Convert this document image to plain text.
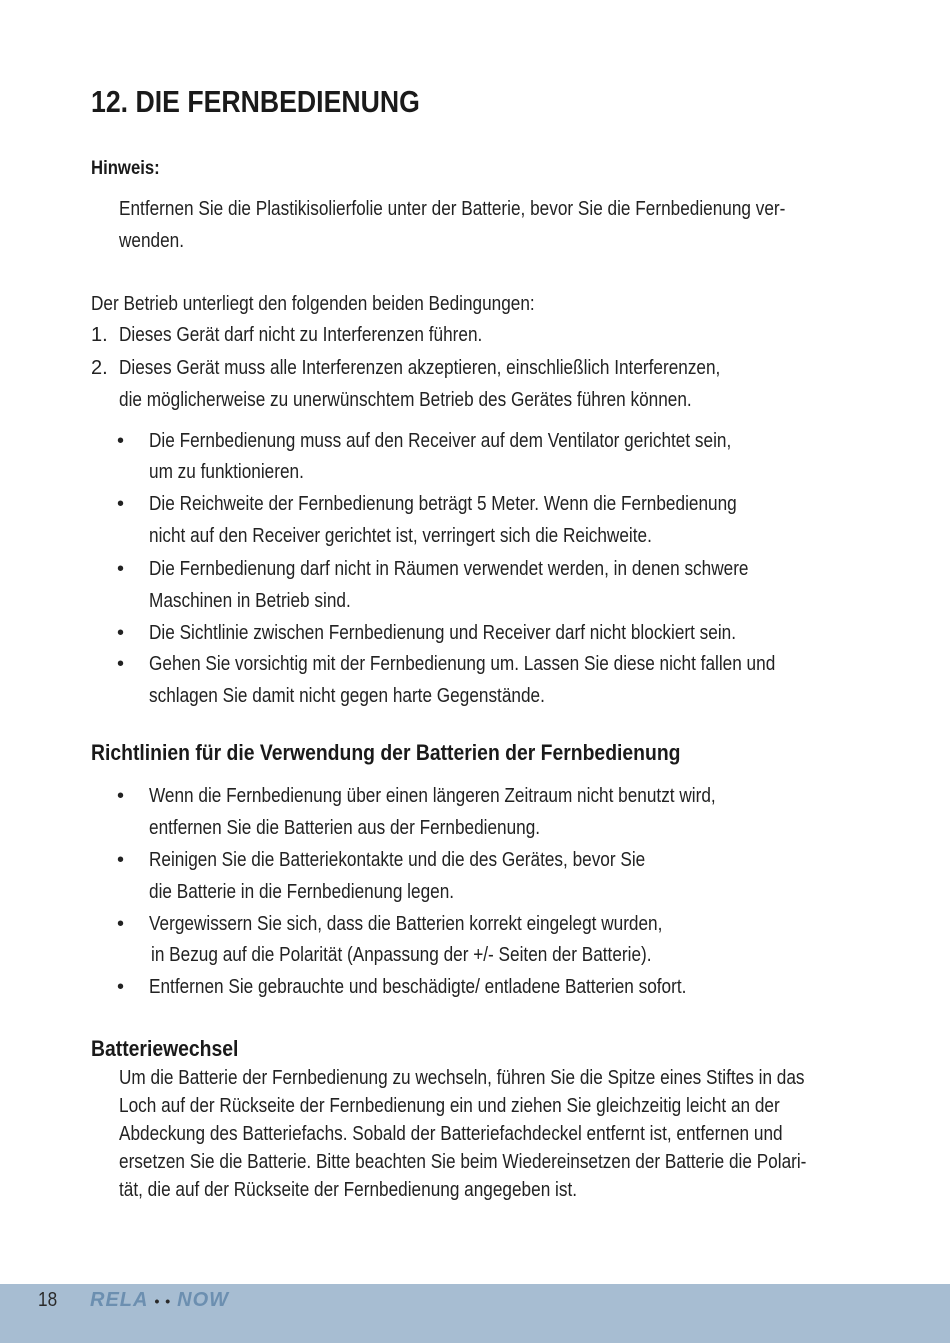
12. DIE FERNBEDIENUNG
Hinweis:
Entfernen Sie die Plastikisolierfolie unter der Batterie, bevor Sie die Fernbedienung ver-
wenden.
Der Betrieb unterliegt den folgenden beiden Bedingungen:
1. Dieses Gerät darf nicht zu Interferenzen führen.
2. Dieses Gerät muss alle Interferenzen akzeptieren, einschließlich Interferenzen,
die möglicherweise zu unerwünschtem Betrieb des Gerätes führen können.
• Die Fernbedienung muss auf den Receiver auf dem Ventilator gerichtet sein,
um zu funktionieren.
• Die Reichweite der Fernbedienung beträgt 5 Meter. Wenn die Fernbedienung
nicht auf den Receiver gerichtet ist, verringert sich die Reichweite.
• Die Fernbedienung darf nicht in Räumen verwendet werden, in denen schwere
Maschinen in Betrieb sind.
• Die Sichtlinie zwischen Fernbedienung und Receiver darf nicht blockiert sein.
• Gehen Sie vorsichtig mit der Fernbedienung um. Lassen Sie diese nicht fallen und
schlagen Sie damit nicht gegen harte Gegenstände.
Richtlinien für die Verwendung der Batterien der Fernbedienung
• Wenn die Fernbedienung über einen längeren Zeitraum nicht benutzt wird,
entfernen Sie die Batterien aus der Fernbedienung.
• Reinigen Sie die Batteriekontakte und die des Gerätes, bevor Sie
die Batterie in die Fernbedienung legen.
• Vergewissern Sie sich, dass die Batterien korrekt eingelegt wurden,
in Bezug auf die Polarität (Anpassung der +/- Seiten der Batterie).
• Entfernen Sie gebrauchte und beschädigte/ entladene Batterien sofort.
Batteriewechsel
Um die Batterie der Fernbedienung zu wechseln, führen Sie die Spitze eines Stiftes in das
Loch auf der Rückseite der Fernbedienung ein und ziehen Sie gleichzeitig leicht an der
Abdeckung des Batteriefachs. Sobald der Batteriefachdeckel entfernt ist, entfernen und
ersetzen Sie die Batterie. Bitte beachten Sie beim Wiedereinsetzen der Batterie die Polari-
tät, die auf der Rückseite der Fernbedienung angegeben ist.
18 RELA • • NOW
